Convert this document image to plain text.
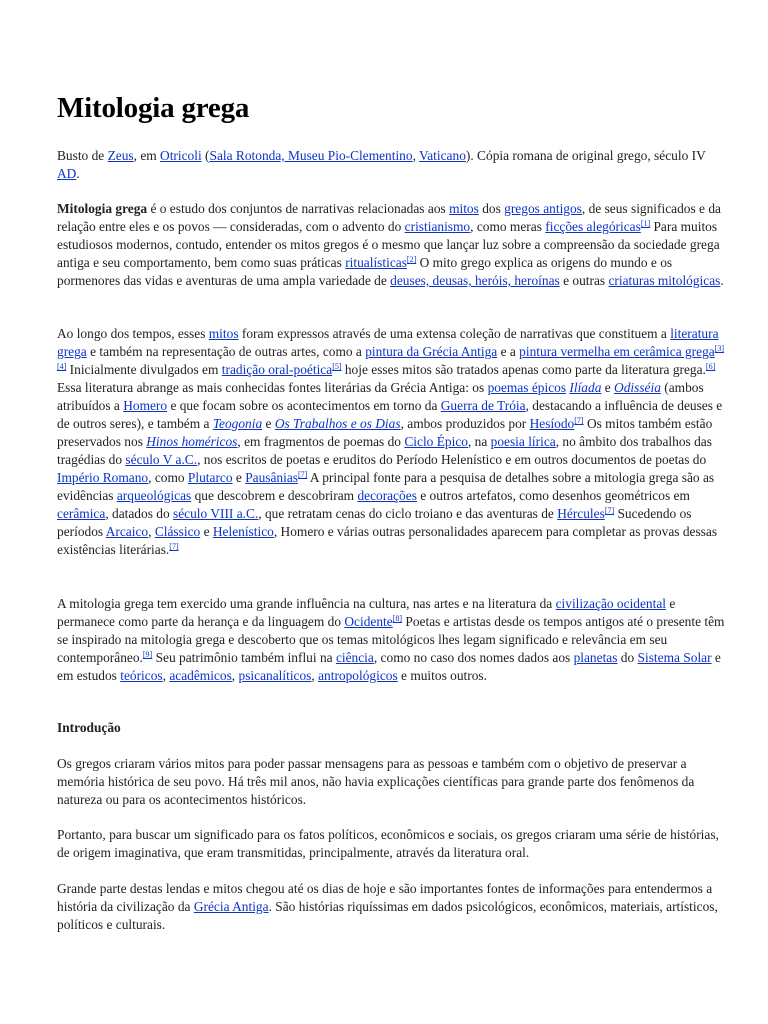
Mitologia grega

Busto de Zeus, em Otricoli (Sala Rotonda, Museu Pio-Clementino, Vaticano). Cópia romana de original grego, século IV AD.

Mitologia grega é o estudo dos conjuntos de narrativas relacionadas aos mitos dos gregos antigos, de seus significados e da relação entre eles e os povos — consideradas, com o advento do cristianismo, como meras ficções alegóricas[1] Para muitos estudiosos modernos, contudo, entender os mitos gregos é o mesmo que lançar luz sobre a compreensão da sociedade grega antiga e seu comportamento, bem como suas práticas ritualísticas[2] O mito grego explica as origens do mundo e os pormenores das vidas e aventuras de uma ampla variedade de deuses, deusas, heróis, heroínas e outras criaturas mitológicas.

Ao longo dos tempos, esses mitos foram expressos através de uma extensa coleção de narrativas que constituem a literatura grega e também na representação de outras artes, como a pintura da Grécia Antiga e a pintura vermelha em cerâmica grega[3][4] Inicialmente divulgados em tradição oral-poética[5] hoje esses mitos são tratados apenas como parte da literatura grega.[6] Essa literatura abrange as mais conhecidas fontes literárias da Grécia Antiga: os poemas épicos Ilíada e Odisséia (ambos atribuídos a Homero e que focam sobre os acontecimentos em torno da Guerra de Tróia, destacando a influência de deuses e de outros seres), e também a Teogonia e Os Trabalhos e os Dias, ambos produzidos por Hesíodo[7] Os mitos também estão preservados nos Hinos homéricos, em fragmentos de poemas do Ciclo Épico, na poesia lírica, no âmbito dos trabalhos das tragédias do século V a.C., nos escritos de poetas e eruditos do Período Helenístico e em outros documentos de poetas do Império Romano, como Plutarco e Pausânias[7] A principal fonte para a pesquisa de detalhes sobre a mitologia grega são as evidências arqueológicas que descobrem e descobriram decorações e outros artefatos, como desenhos geométricos em cerâmica, datados do século VIII a.C., que retratam cenas do ciclo troiano e das aventuras de Hércules[7] Sucedendo os períodos Arcaico, Clássico e Helenístico, Homero e várias outras personalidades aparecem para completar as provas dessas existências literárias.[7]

A mitologia grega tem exercido uma grande influência na cultura, nas artes e na literatura da civilização ocidental e permanece como parte da herança e da linguagem do Ocidente[8] Poetas e artistas desde os tempos antigos até o presente têm se inspirado na mitologia grega e descoberto que os temas mitológicos lhes legam significado e relevância em seu contemporâneo.[9] Seu patrimônio também influi na ciência, como no caso dos nomes dados aos planetas do Sistema Solar e em estudos teóricos, acadêmicos, psicanalíticos, antropológicos e muitos outros.

Introdução

Os gregos criaram vários mitos para poder passar mensagens para as pessoas e também com o objetivo de preservar a memória histórica de seu povo. Há três mil anos, não havia explicações científicas para grande parte dos fenômenos da natureza ou para os acontecimentos históricos.

Portanto, para buscar um significado para os fatos políticos, econômicos e sociais, os gregos criaram uma série de histórias, de origem imaginativa, que eram transmitidas, principalmente, através da literatura oral.

Grande parte destas lendas e mitos chegou até os dias de hoje e são importantes fontes de informações para entendermos a história da civilização da Grécia Antiga. São histórias riquíssimas em dados psicológicos, econômicos, materiais, artísticos, políticos e culturais.
